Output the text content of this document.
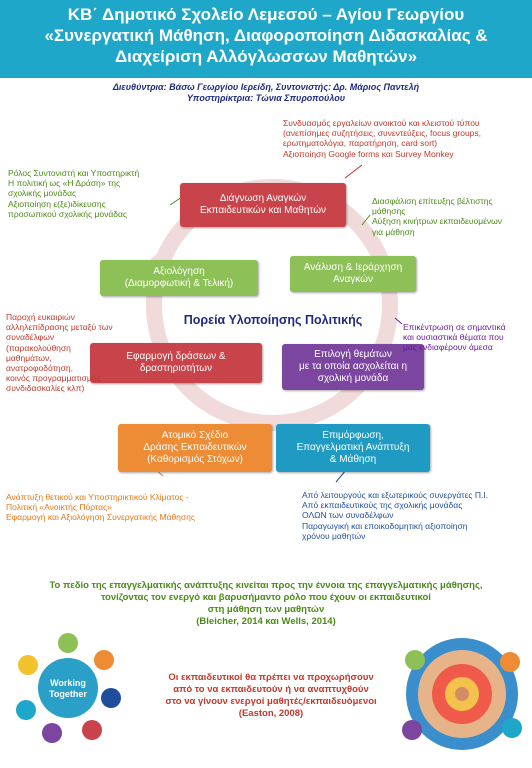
ΚΒ΄ Δημοτικό Σχολείο Λεμεσού – Αγίου Γεωργίου
«Συνεργατική Μάθηση, Διαφοροποίηση Διδασκαλίας &
Διαχείριση Αλλόγλωσσων Μαθητών»
Διευθύντρια: Βάσω Γεωργίου Ιερείδη, Συντονιστής: Δρ. Μάριος Παντελή
Υποστηρίκτρια: Τώνια Σπυροπούλου
Working
Together
Διάγνωση Αναγκών
Εκπαιδευτικών και Μαθητών
Ανάλυση & Ιεράρχηση
Αναγκών
Αξιολόγηση
(Διαμορφωτική & Τελική)
Επιλογή θεμάτων
με τα οποία ασχολείται η
σχολική μονάδα
Εφαρμογή δράσεων &
δραστηριοτήτων
Ατομικό Σχέδιο
Δράσης Εκπαιδευτικών
(Καθορισμός Στόχων)
Επιμόρφωση,
Επαγγελματική Ανάπτυξη
& Μάθηση
Πορεία Υλοποίησης Πολιτικής
Συνδυασμός εργαλείων ανοικτού και κλειστού τύπου
(ανεπίσημες συζητήσεις, συνεντεύξεις, focus groups,
ερωτηματολόγια, παρατήρηση, card sort)
Αξιοποίηση Google forms και Survey Monkey
Ρόλος Συντονιστή και Υποστηρικτή
Η πολιτική ως «Η Δράση» της
σχολικής μονάδας
Αξιοποίηση ε(ξε)ιδίκευσης
προσωπικού σχολικής μονάδας
Διασφάλιση επίτευξης βέλτιστης
μάθησης
Αύξηση κινήτρων εκπαιδευομένων
για μάθηση
Επικέντρωση σε σημαντικά
και ουσιαστικά θέματα που
μας ενδιαφέρουν άμεσα
Παροχή ευκαιριών
αλληλεπίδρασης μεταξύ των
συναδέλφων
(παρακολούθηση
μαθημάτων,
ανατροφοδότηση,
κοινός προγραμματισμός,
συνδιδασκαλίες κλπ)
Ανάπτυξη θετικού και Υποστηρικτικού Κλίματος -
Πολιτική «Ανοικτής Πόρτας»
Εφαρμογή και Αξιολόγηση Συνεργατικής Μάθησης
Από λειτουργούς και εξωτερικούς συνεργάτες Π.Ι.
Από εκπαιδευτικούς της σχολικής μονάδας
ΟΛΩΝ των συναδέλφων
Παραγωγική και εποικοδομητική αξιοποίηση
χρόνου μαθητών
Το πεδίο της επαγγελματικής ανάπτυξης κινείται προς την έννοια της επαγγελματικής μάθησης,
τονίζοντας τον ενεργό και βαρυσήμαντο ρόλο που έχουν οι εκπαιδευτικοί
στη μάθηση των μαθητών
(Bleicher, 2014 και Wells, 2014)
Οι εκπαιδευτικοί θα πρέπει να προχωρήσουν
από το να εκπαιδευτούν ή να αναπτυχθούν
στο να γίνουν ενεργοί μαθητές/εκπαιδευόμενοι
(Easton, 2008)
